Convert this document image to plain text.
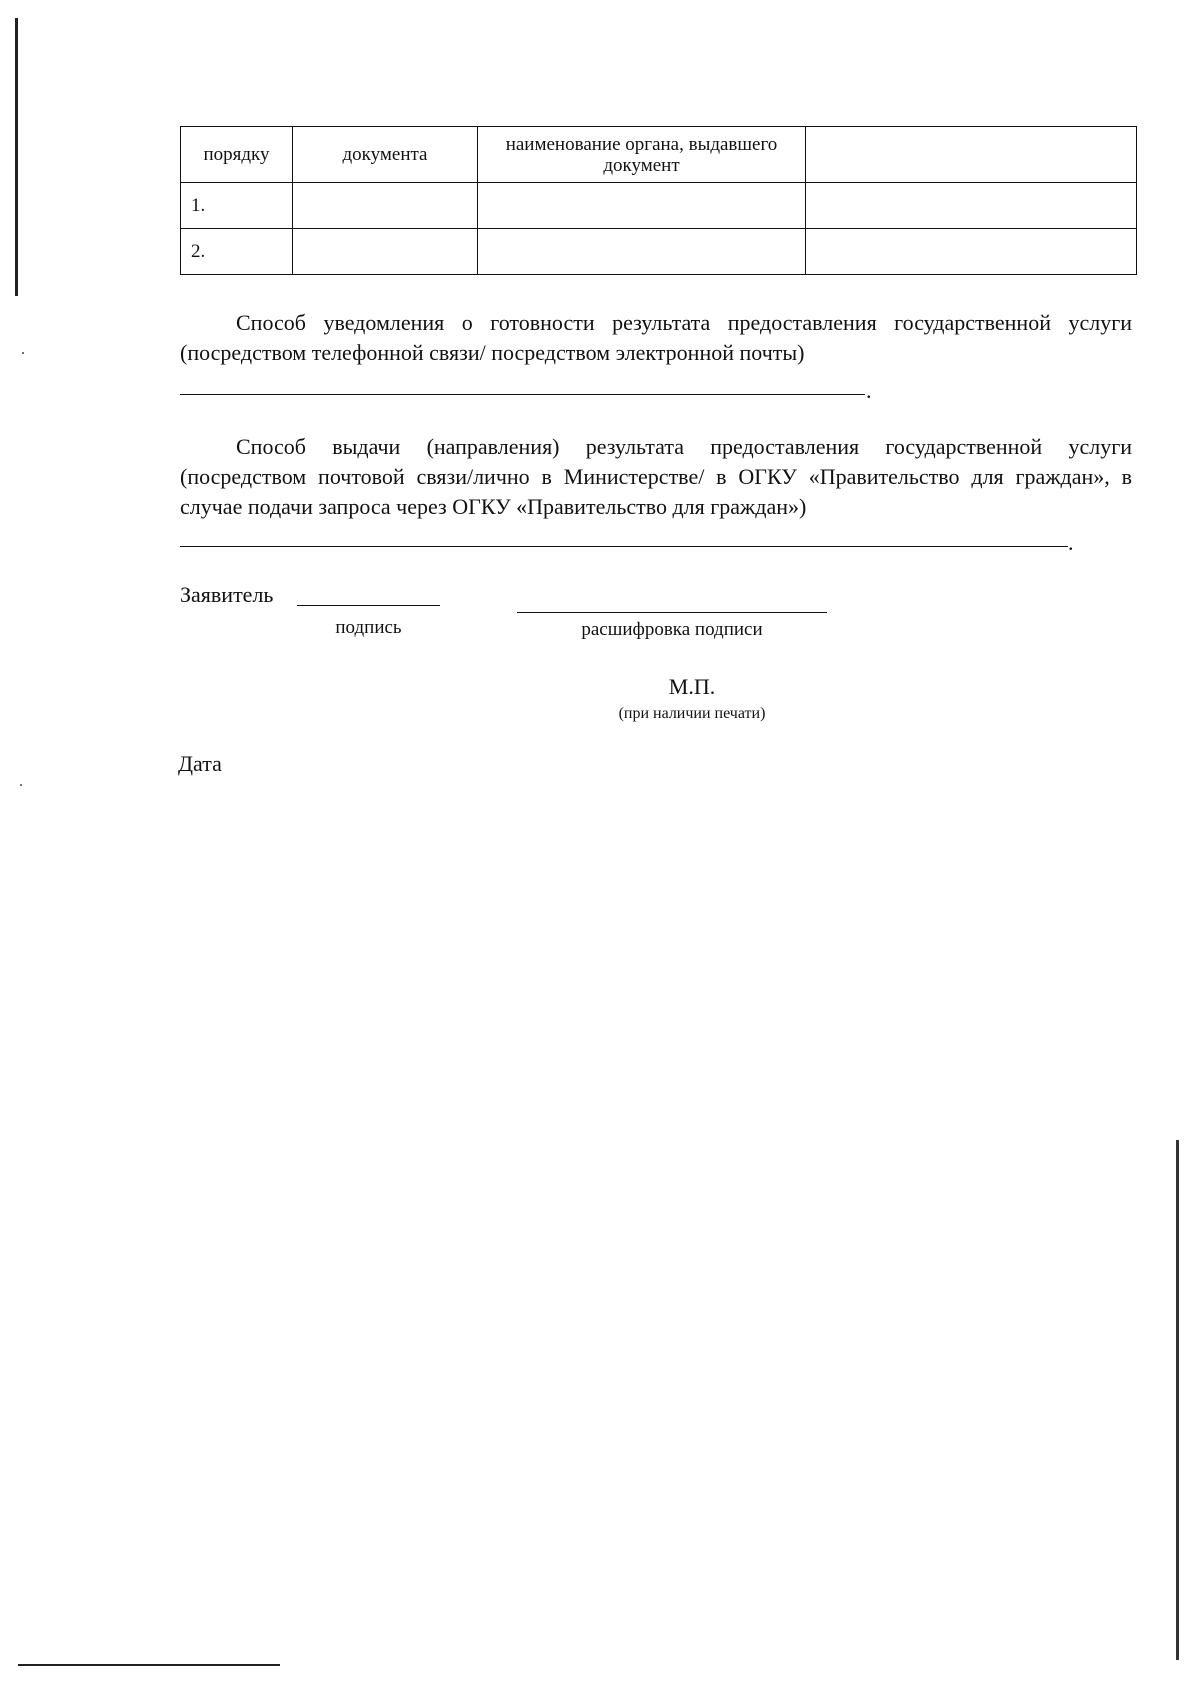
порядку	документа	наименование органа, выдавшего документ	
1.			
2.			
Способ уведомления о готовности результата предоставления государственной услуги (посредством телефонной связи/ посредством электронной почты)
.
Способ выдачи (направления) результата предоставления государственной услуги (посредством почтовой связи/лично в Министерстве/ в ОГКУ «Правительство для граждан», в случае подачи запроса через ОГКУ «Правительство для граждан»)
.
Заявитель
подпись	расшифровка подписи
М.П.
(при наличии печати)
Дата
